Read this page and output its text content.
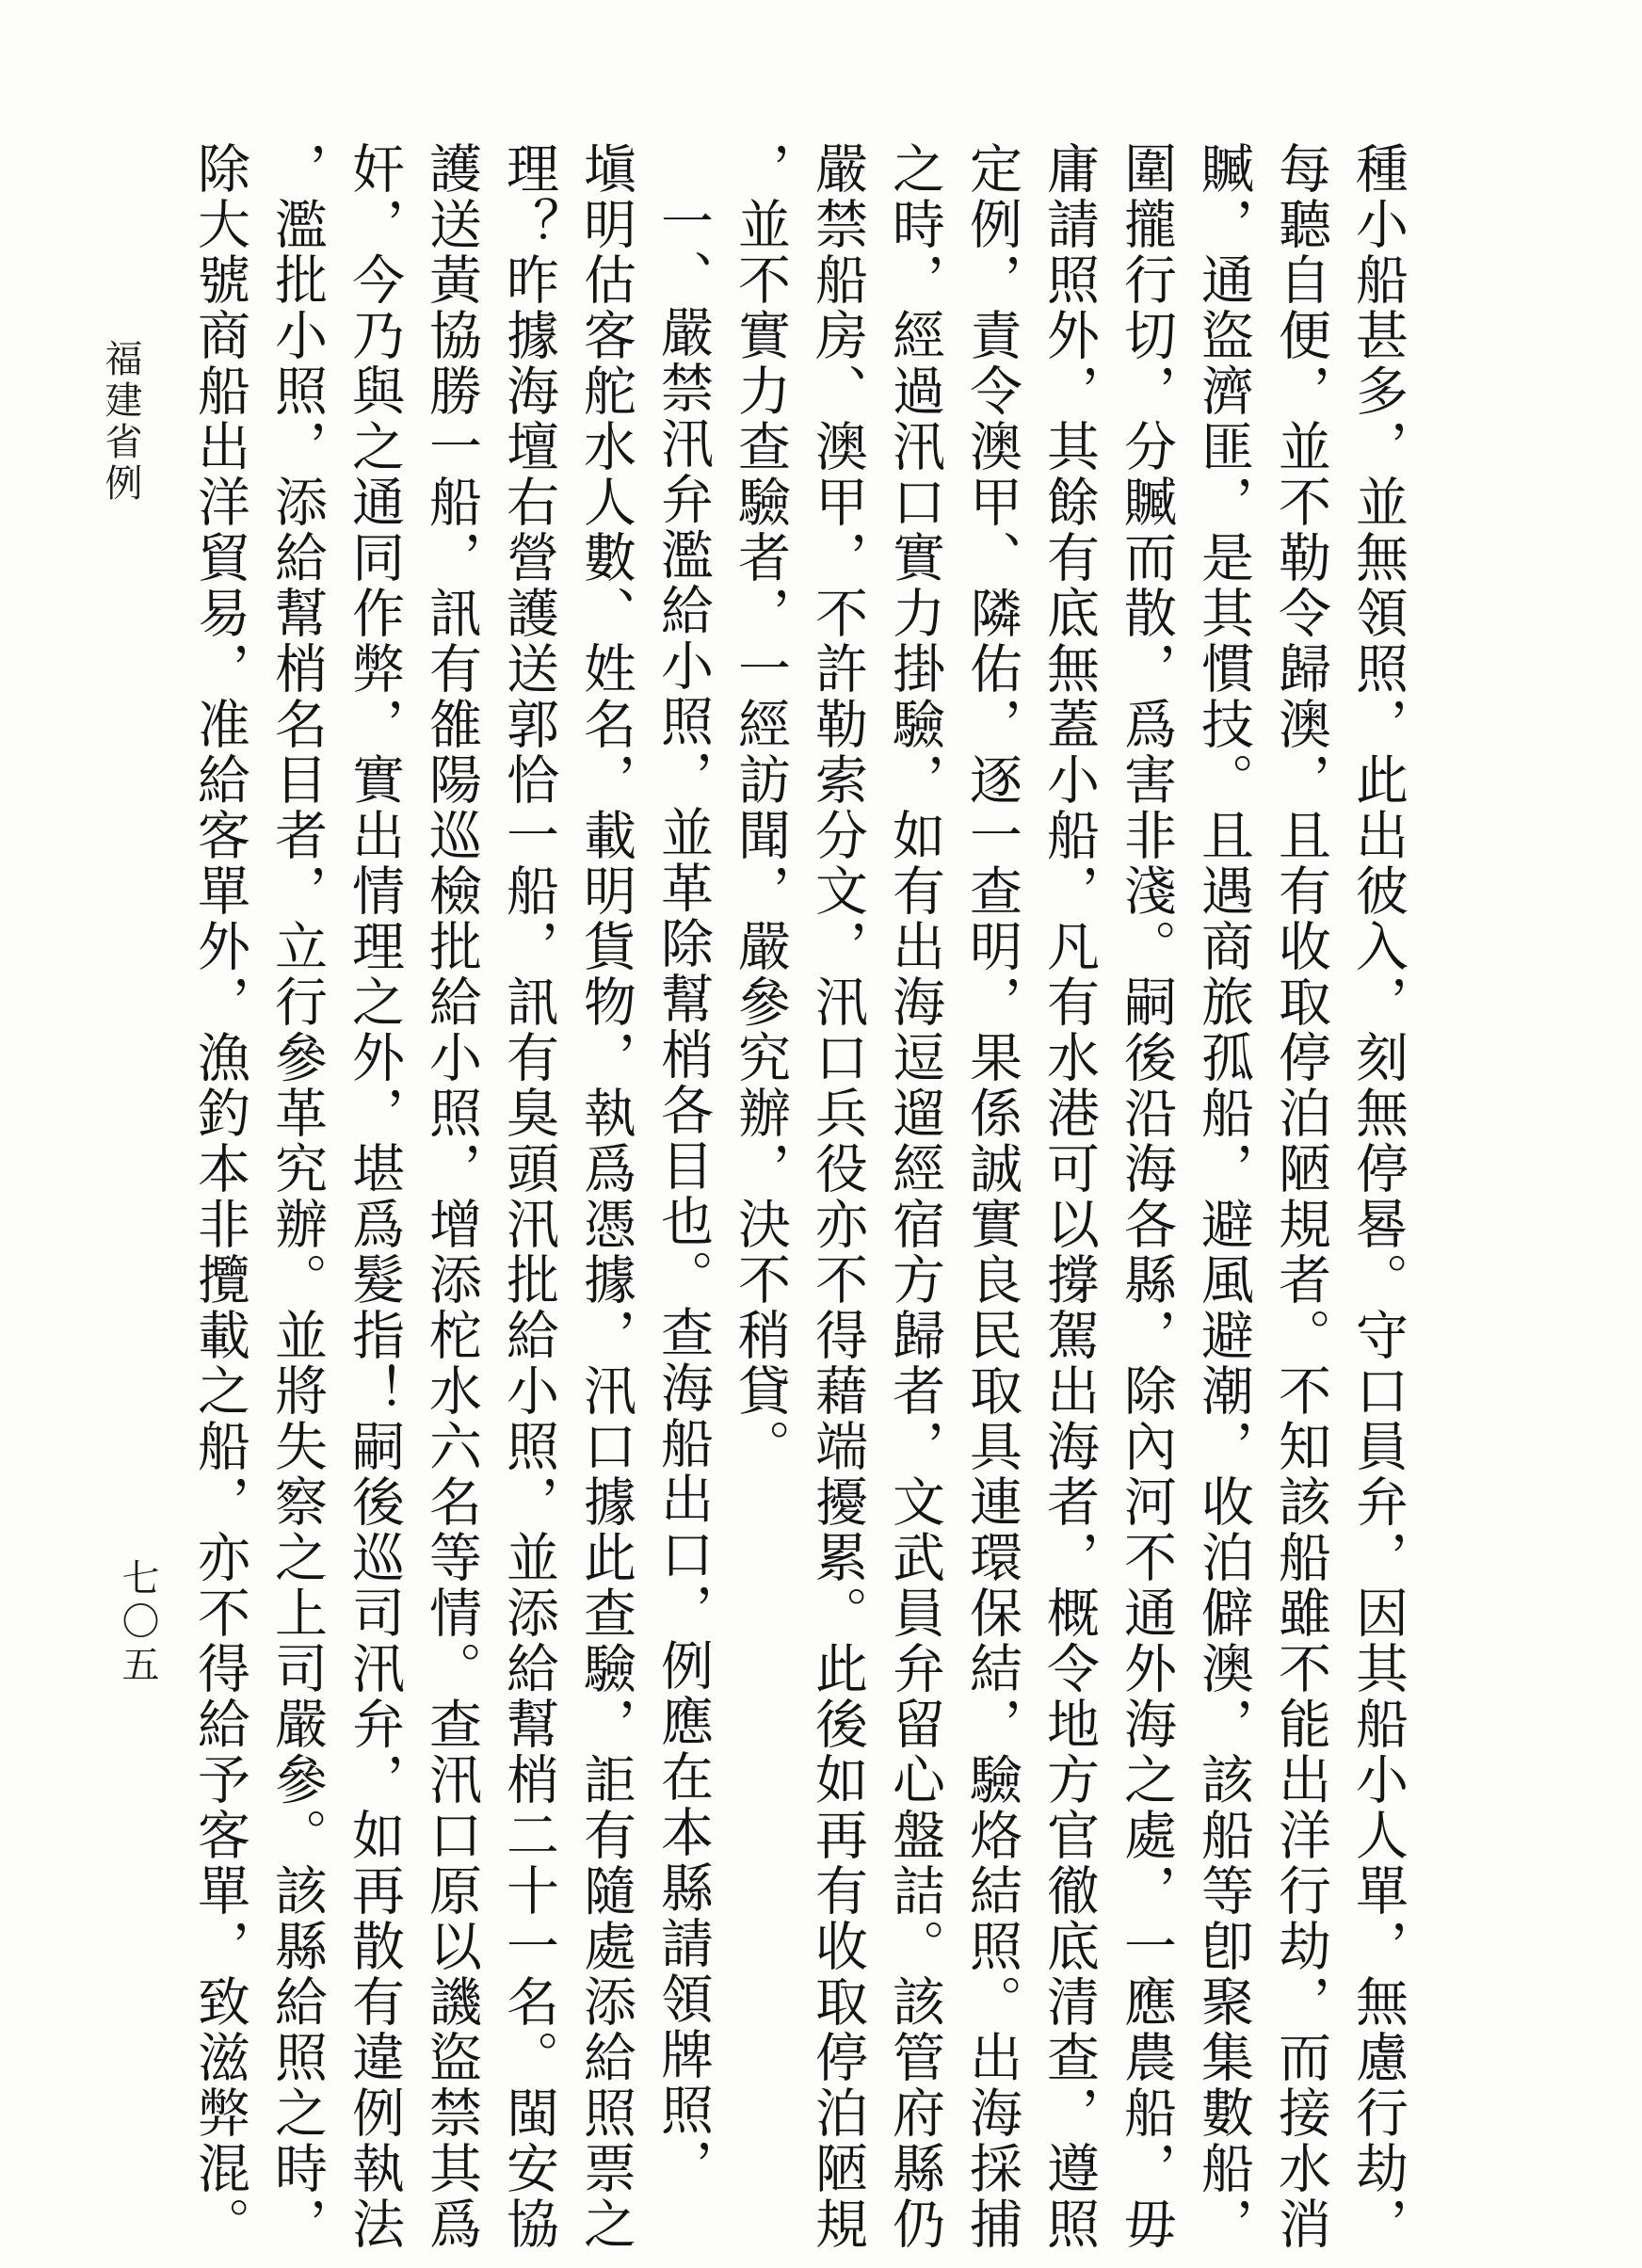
種小船甚多，並無領照，此出彼入，刻無停晷。守口員弁，因其船小人單，無慮行劫，
每聽自便，並不勒令歸澳，且有收取停泊陋規者。不知該船雖不能出洋行劫，而接水消
贓，通盜濟匪，是其慣技。且遇商旅孤船，避風避潮，收泊僻澳，該船等卽聚集數船，
圍攏行切，分贓而散，爲害非淺。嗣後沿海各縣，除內河不通外海之處，一應農船，毋
庸請照外，其餘有底無蓋小船，凡有水港可以撐駕出海者，概令地方官徹底清查，遵照
定例，責令澳甲、隣佑，逐一查明，果係誠實良民取具連環保結，驗烙結照。出海採捕
之時，經過汛口實力掛驗，如有出海逗遛經宿方歸者，文武員弁留心盤詰。該管府縣仍
嚴禁船房、澳甲，不許勒索分文，汛口兵役亦不得藉端擾累。此後如再有收取停泊陋規
，並不實力查驗者，一經訪聞，嚴參究辦，決不稍貸。
一、嚴禁汛弁濫給小照，並革除幫梢各目也。查海船出口，例應在本縣請領牌照，
塡明估客舵水人數、姓名，載明貨物，執爲憑據，汛口據此查驗，詎有隨處添給照票之
理？昨據海壇右營護送郭恰一船，訊有臭頭汛批給小照，並添給幫梢二十一名。閩安協
護送黃協勝一船，訊有雒陽巡檢批給小照，增添柁水六名等情。查汛口原以譏盜禁其爲
奸，今乃與之通同作弊，實出情理之外，堪爲髮指！嗣後巡司汛弁，如再散有違例執法
，濫批小照，添給幫梢名目者，立行參革究辦。並將失察之上司嚴參。該縣給照之時，
除大號商船出洋貿易，准給客單外，漁釣本非攬載之船，亦不得給予客單，致滋弊混。
福建省例
七〇五
